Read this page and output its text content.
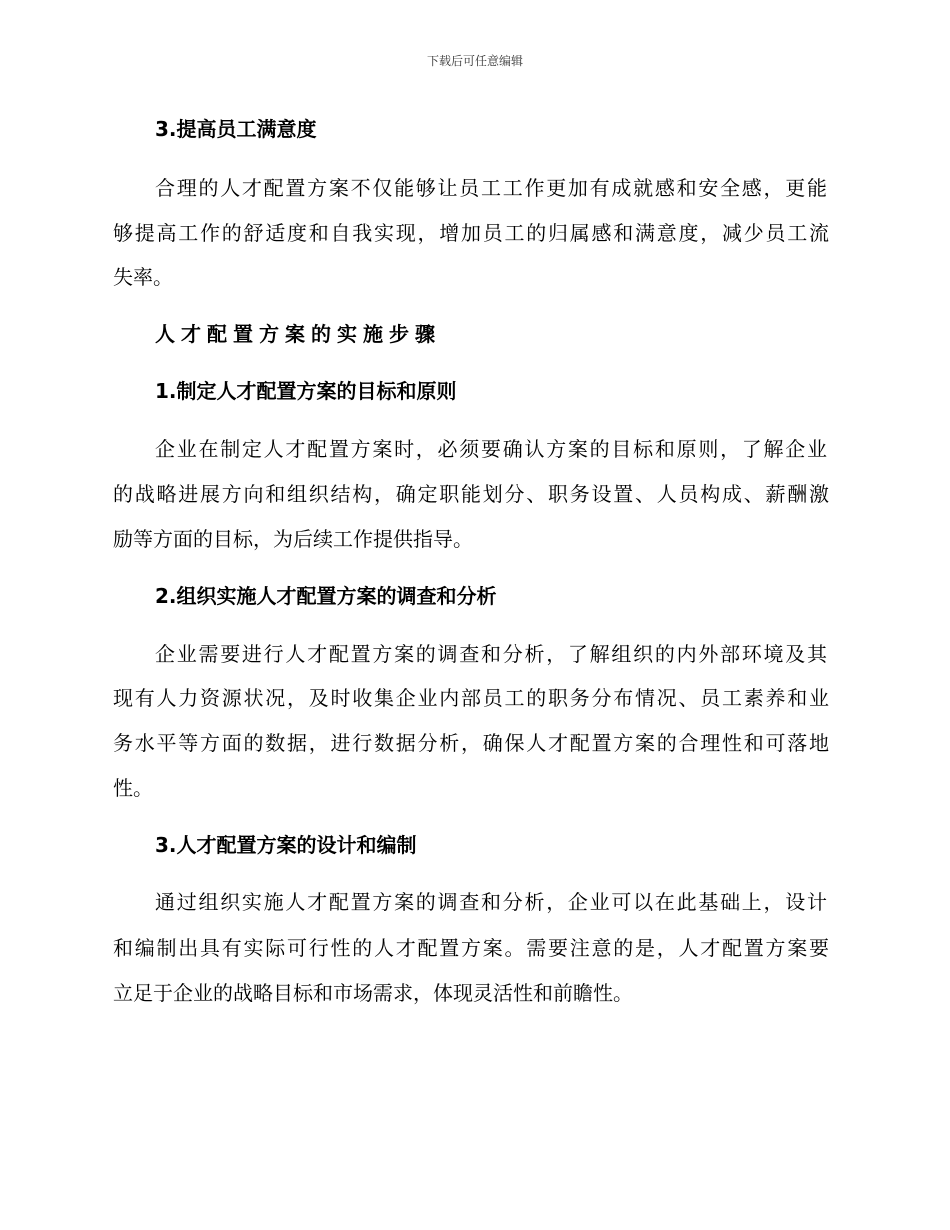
下载后可任意编辑
3.提高员工满意度
合理的人才配置方案不仅能够让员工工作更加有成就感和安全感，更能
够提高工作的舒适度和自我实现，增加员工的归属感和满意度，减少员工流
失率。
人才配置方案的实施步骤
1.制定人才配置方案的目标和原则
企业在制定人才配置方案时，必须要确认方案的目标和原则，了解企业
的战略进展方向和组织结构，确定职能划分、职务设置、人员构成、薪酬激
励等方面的目标，为后续工作提供指导。
2.组织实施人才配置方案的调查和分析
企业需要进行人才配置方案的调查和分析，了解组织的内外部环境及其
现有人力资源状况，及时收集企业内部员工的职务分布情况、员工素养和业
务水平等方面的数据，进行数据分析，确保人才配置方案的合理性和可落地
性。
3.人才配置方案的设计和编制
通过组织实施人才配置方案的调查和分析，企业可以在此基础上，设计
和编制出具有实际可行性的人才配置方案。需要注意的是，人才配置方案要
立足于企业的战略目标和市场需求，体现灵活性和前瞻性。
